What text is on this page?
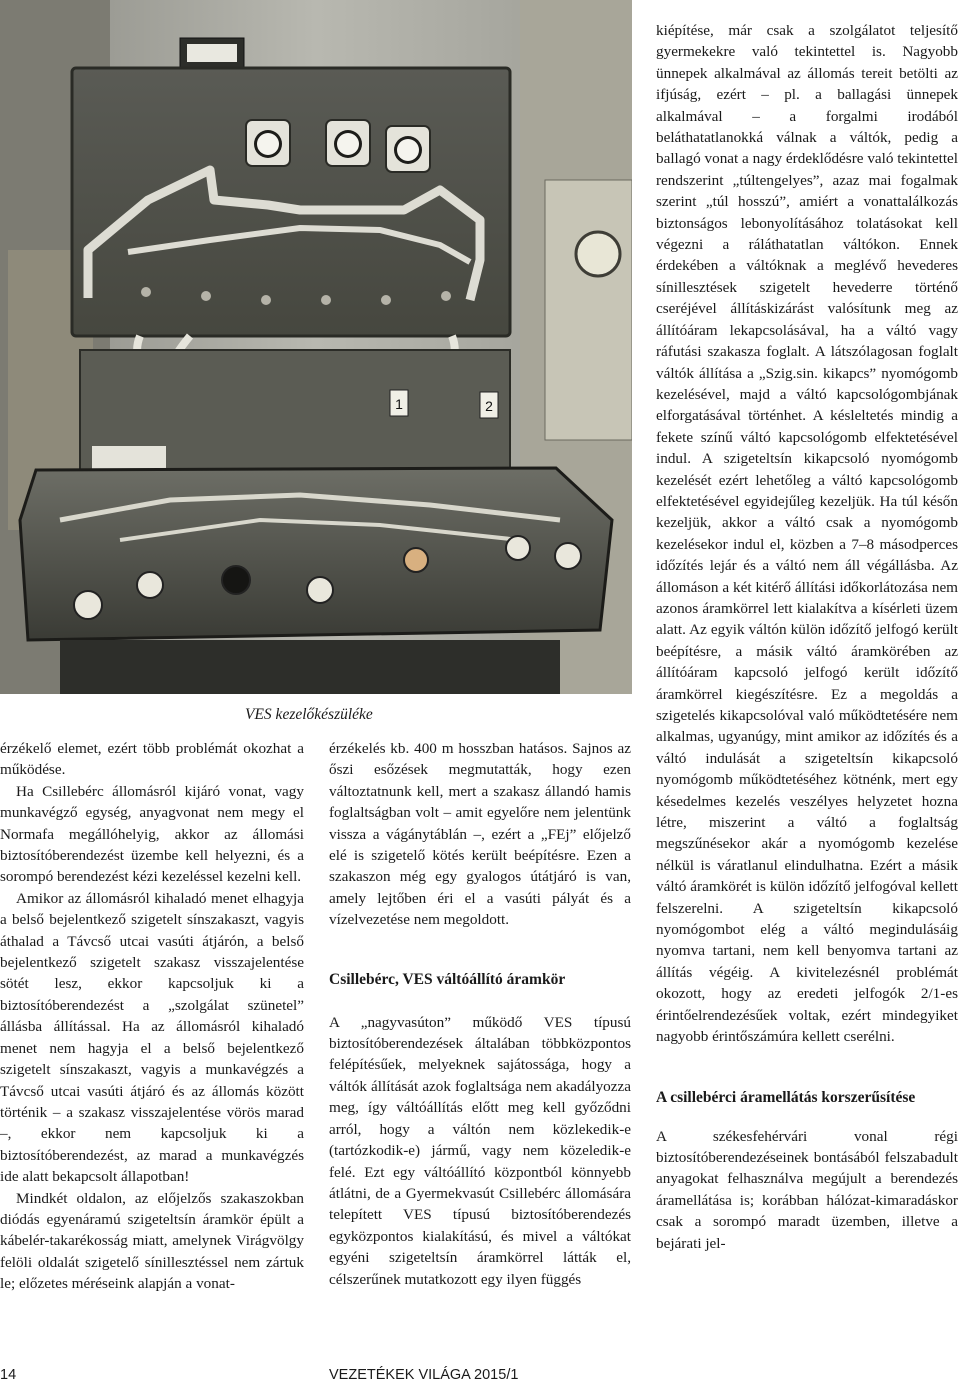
1	2
VES kezelőkészüléke

érzékelő elemet, ezért több problémát okozhat a működése.

Ha Csillebérc állomásról kijáró vonat, vagy munkavégző egység, anyagvonat nem megy el Normafa megállóhelyig, akkor az állomási biztosítóberendezést üzembe kell helyezni, és a sorompó berendezést kézi kezeléssel kezelni kell.

Amikor az állomásról kihaladó menet elhagyja a belső bejelentkező szigetelt sínszakaszt, vagyis áthalad a Távcső utcai vasúti átjárón, a belső bejelentkező szigetelt szakasz visszajelentése sötét lesz, ekkor kapcsoljuk ki a biztosítóberendezést a „szolgálat szünetel” állásba állítással. Ha az állomásról kihaladó menet nem hagyja el a belső bejelentkező szigetelt sínszakaszt, vagyis a munkavégzés a Távcső utcai vasúti átjáró és az állomás között történik – a szakasz visszajelentése vörös marad –, ekkor nem kapcsoljuk ki a biztosítóberendezést, az marad a munkavégzés ide alatt bekapcsolt állapotban!

Mindkét oldalon, az előjelzős szakaszokban diódás egyenáramú szigeteltsín áramkör épült a kábelér-takarékosság miatt, amelynek Virágvölgy felöli oldalát szigetelő sínillesztéssel nem zártuk le; előzetes méréseink alapján a vonat-

érzékelés kb. 400 m hosszban hatásos. Sajnos az őszi esőzések megmutatták, hogy ezen változtatnunk kell, mert a szakasz állandó hamis foglaltságban volt – amit egyelőre nem jelentünk vissza a vágánytáblán –, ezért a „FEj” előjelző elé is szigetelő kötés került beépítésre. Ezen a szakaszon még egy gyalogos útátjáró is van, amely lejtőben éri el a vasúti pályát és a vízelvezetése nem megoldott.

Csillebérc, VES váltóállító áramkör

A „nagyvasúton” működő VES típusú biztosítóberendezések általában többközpontos felépítésűek, melyeknek sajátossága, hogy a váltók állítását azok foglaltsága nem akadályozza meg, így váltóállítás előtt meg kell győződni arról, hogy a váltón nem közlekedik-e (tartózkodik-e) jármű, vagy nem közeledik-e felé. Ezt egy váltóállító központból könnyebb átlátni, de a Gyermekvasút Csillebérc állomására telepített VES típusú biztosítóberendezés egyközpontos kialakítású, és mivel a váltókat egyéni szigeteltsín áramkörrel látták el, célszerűnek mutatkozott egy ilyen függés

kiépítése, már csak a szolgálatot teljesítő gyermekekre való tekintettel is. Nagyobb ünnepek alkalmával az állomás tereit betölti az ifjúság, ezért – pl. a ballagási ünnepek alkalmával – a forgalmi irodából beláthatatlanokká válnak a váltók, pedig a ballagó vonat a nagy érdeklődésre való tekintettel rendszerint „túltengelyes”, azaz mai fogalmak szerint „túl hosszú”, amiért a vonattalálkozás biztonságos lebonyolításához tolatásokat kell végezni a ráláthatatlan váltókon. Ennek érdekében a váltóknak a meglévő hevederes sínillesztések szigetelt hevederre történő cseréjével állításkizárást valósítunk meg az állítóáram lekapcsolásával, ha a váltó vagy ráfutási szakasza foglalt. A látszólagosan foglalt váltók állítása a „Szig.sin. kikapcs” nyomógomb kezelésével, majd a váltó kapcsológombjának elforgatásával történhet. A késleltetés mindig a fekete színű váltó kapcsológomb elfektetésével indul. A szigeteltsín kikapcsoló nyomógomb kezelését ezért lehetőleg a váltó kapcsológomb elfektetésével egyidejűleg kezeljük. Ha túl későn kezeljük, akkor a váltó csak a nyomógomb kezelésekor indul el, közben a 7–8 másodperces időzítés lejár és a váltó nem áll végállásba. Az állomáson a két kitérő állítási időkorlátozása nem azonos áramkörrel lett kialakítva a kísérleti üzem alatt. Az egyik váltón külön időzítő jelfogó került beépítésre, a másik váltó áramkörében az állítóáram kapcsoló jelfogó került időzítő áramkörrel kiegészítésre. Ez a megoldás a szigetelés kikapcsolóval való működtetésére nem alkalmas, ugyanúgy, mint amikor az időzítés és a váltó indulását a szigeteltsín kikapcsoló nyomógomb működtetéséhez kötnénk, mert egy késedelmes kezelés veszélyes helyzetet hozna létre, miszerint a váltó a foglaltság megszűnésekor akár a nyomógomb kezelése nélkül is váratlanul elindulhatna. Ezért a másik váltó áramkörét is külön időzítő jelfogóval kellett felszerelni. A szigeteltsín kikapcsoló nyomógombot elég a váltó megindulásáig nyomva tartani, nem kell benyomva tartani az állítás végéig. A kivitelezésnél problémát okozott, hogy az eredeti jelfogók 2/1-es érintőelrendezésűek voltak, ezért mindegyiket nagyobb érintőszámúra kellett cserélni.

A csillebérci áramellátás korszerűsítése

A székesfehérvári vonal régi biztosítóberendezéseinek bontásából felszabadult anyagokat felhasználva megújult a berendezés áramellátása is; korábban hálózat-kimaradáskor csak a sorompó maradt üzemben, illetve a bejárati jel-

14	VEZETÉKEK VILÁGA 2015/1
